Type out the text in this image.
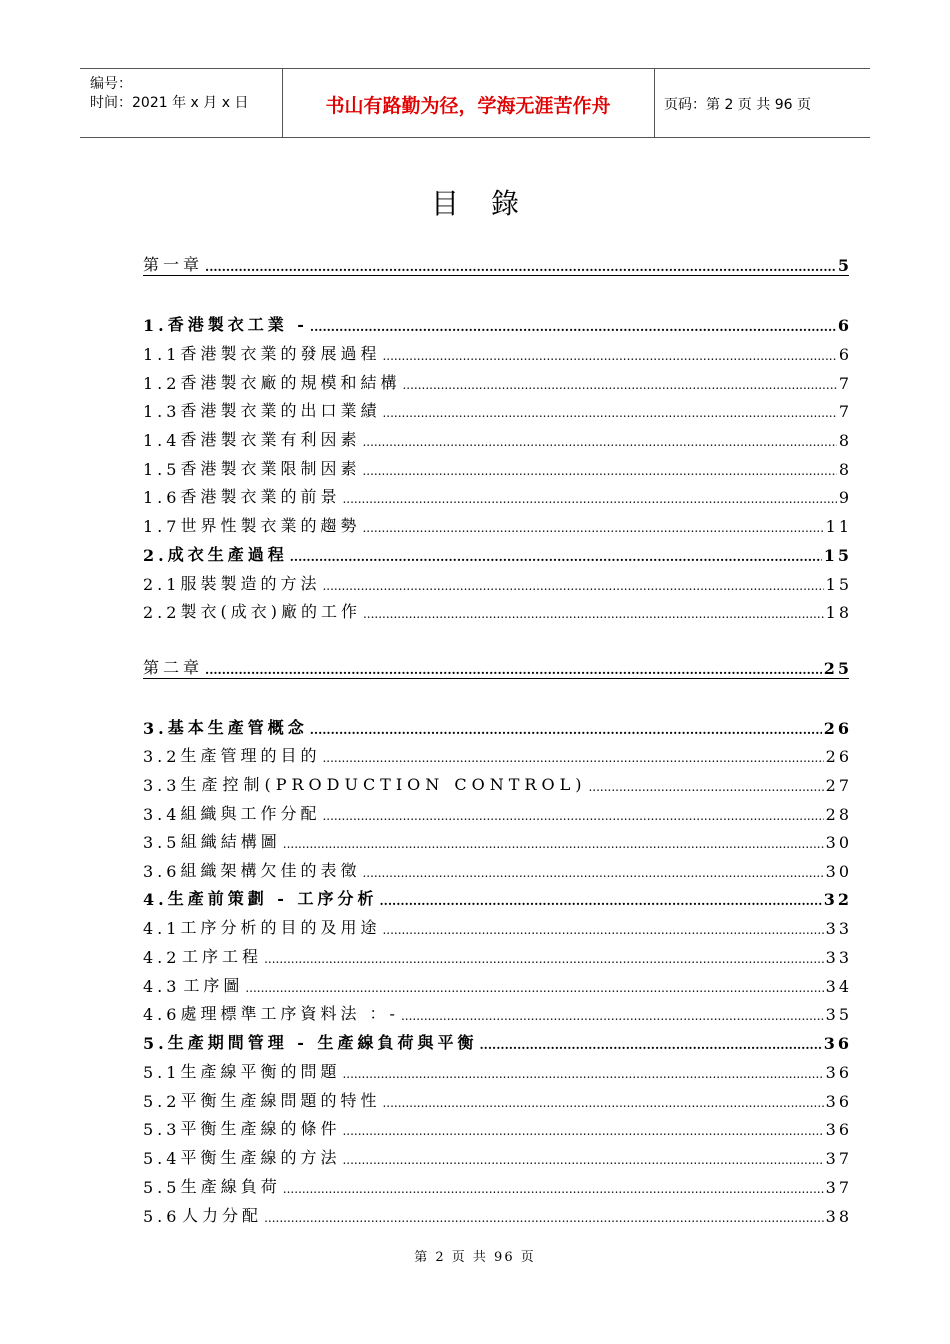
编号：
时间：2021 年 x 月 x 日	书山有路勤为径，学海无涯苦作舟	页码：第 2 页 共 96 页
目錄
第一章 .....	5
1. 香港製衣工業 - .....	6
1.1 香港製衣業的發展過程 .....	6
1.2 香港製衣廠的規模和結構 .....	7
1.3 香港製衣業的出口業績 .....	7
1.4 香港製衣業有利因素 .....	8
1.5 香港製衣業限制因素 .....	8
1.6 香港製衣業的前景 .....	9
1.7 世界性製衣業的趨勢 .....	11
2. 成衣生產過程 .....	15
2.1 服裝製造的方法 .....	15
2.2 製衣(成衣)廠的工作 .....	18
第二章 .....	25
3. 基本生產管概念 .....	26
3.2 生產管理的目的 .....	26
3.3 生產控制(PRODUCTION CONTROL) .....	27
3.4 組織與工作分配 .....	28
3.5 組織結構圖 .....	30
3.6 組織架構欠佳的表徵 .....	30
4. 生產前策劃 - 工序分析 .....	32
4.1 工序分析的目的及用途 .....	33
4.2 工序工程 .....	33
4.3 工序圖 .....	34
4.6 處理標準工序資料法 ：- .....	35
5. 生產期間管理 - 生產線負荷與平衡 .....	36
5.1 生產線平衡的問題 .....	36
5.2 平衡生產線問題的特性 .....	36
5.3 平衡生產線的條件 .....	36
5.4 平衡生產線的方法 .....	37
5.5 生產線負荷 .....	37
5.6 人力分配 .....	38
第 2 页 共 96 页
